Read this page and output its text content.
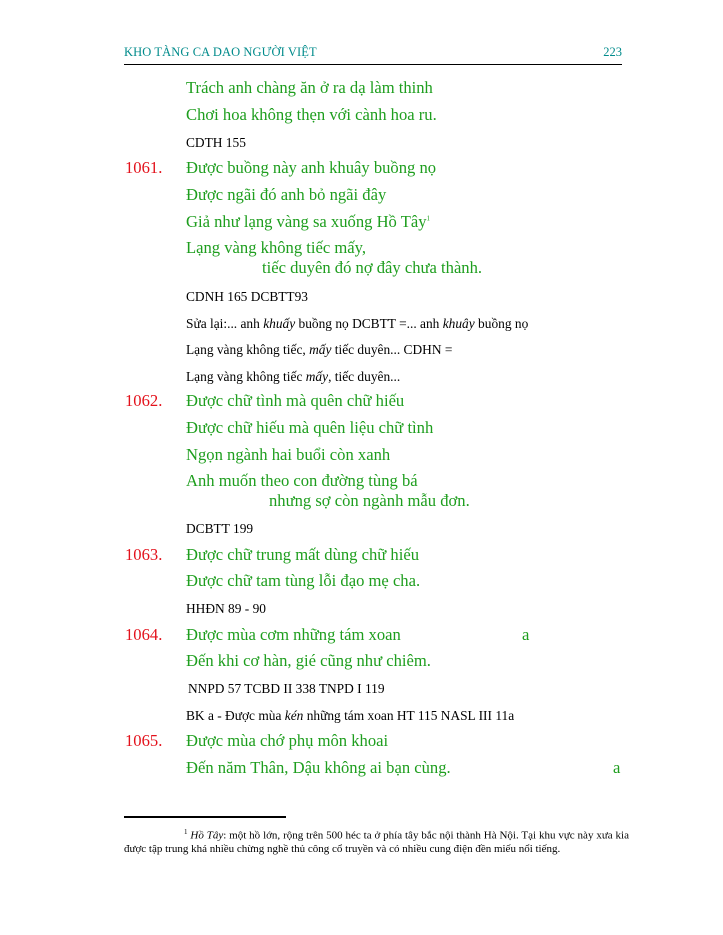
KHO TÀNG CA DAO NGƯỜI VIỆT	223
Trách anh chàng ăn ở ra dạ làm thinh
Chơi hoa không thẹn với cành hoa ru.
CDTH 155
1061. Được buồng này anh khuây buồng nọ
Được ngãi đó anh bỏ ngãi đây
Giả như lạng vàng sa xuống Hồ Tây$^1$
Lạng vàng không tiếc mấy,
tiếc duyên đó nợ đây chưa thành.
CDNH 165 DCBTT93
Sửa lại:... anh khuấy buồng nọ DCBTT =... anh khuây buồng nọ
Lạng vàng không tiếc, mấy tiếc duyên... CDHN =
Lạng vàng không tiếc mấy, tiếc duyên...
1062. Được chữ tình mà quên chữ hiếu
Được chữ hiếu mà quên liệu chữ tình
Ngọn ngành hai buổi còn xanh
Anh muốn theo con đường tùng bá
nhưng sợ còn ngành mẫu đơn.
DCBTT 199
1063. Được chữ trung mất dùng chữ hiếu
Được chữ tam tùng lỗi đạo mẹ cha.
HHĐN 89 - 90
1064. Được mùa cơm những tám xoan	a
Đến khi cơ hàn, gié cũng như chiêm.
NNPD 57 TCBD II 338 TNPD I 119
BK a - Được mùa kén những tám xoan HT 115 NASL III 11a
1065. Được mùa chớ phụ môn khoai
Đến năm Thân, Dậu không ai bạn cùng.	a
$^1$ Hồ Tây: một hồ lớn, rộng trên 500 héc ta ở phía tây bắc nội thành Hà Nội. Tại khu vực này xưa kia được tập trung khá nhiều chừng nghề thủ công cổ truyền và có nhiều cung điện đền miếu nổi tiếng.
